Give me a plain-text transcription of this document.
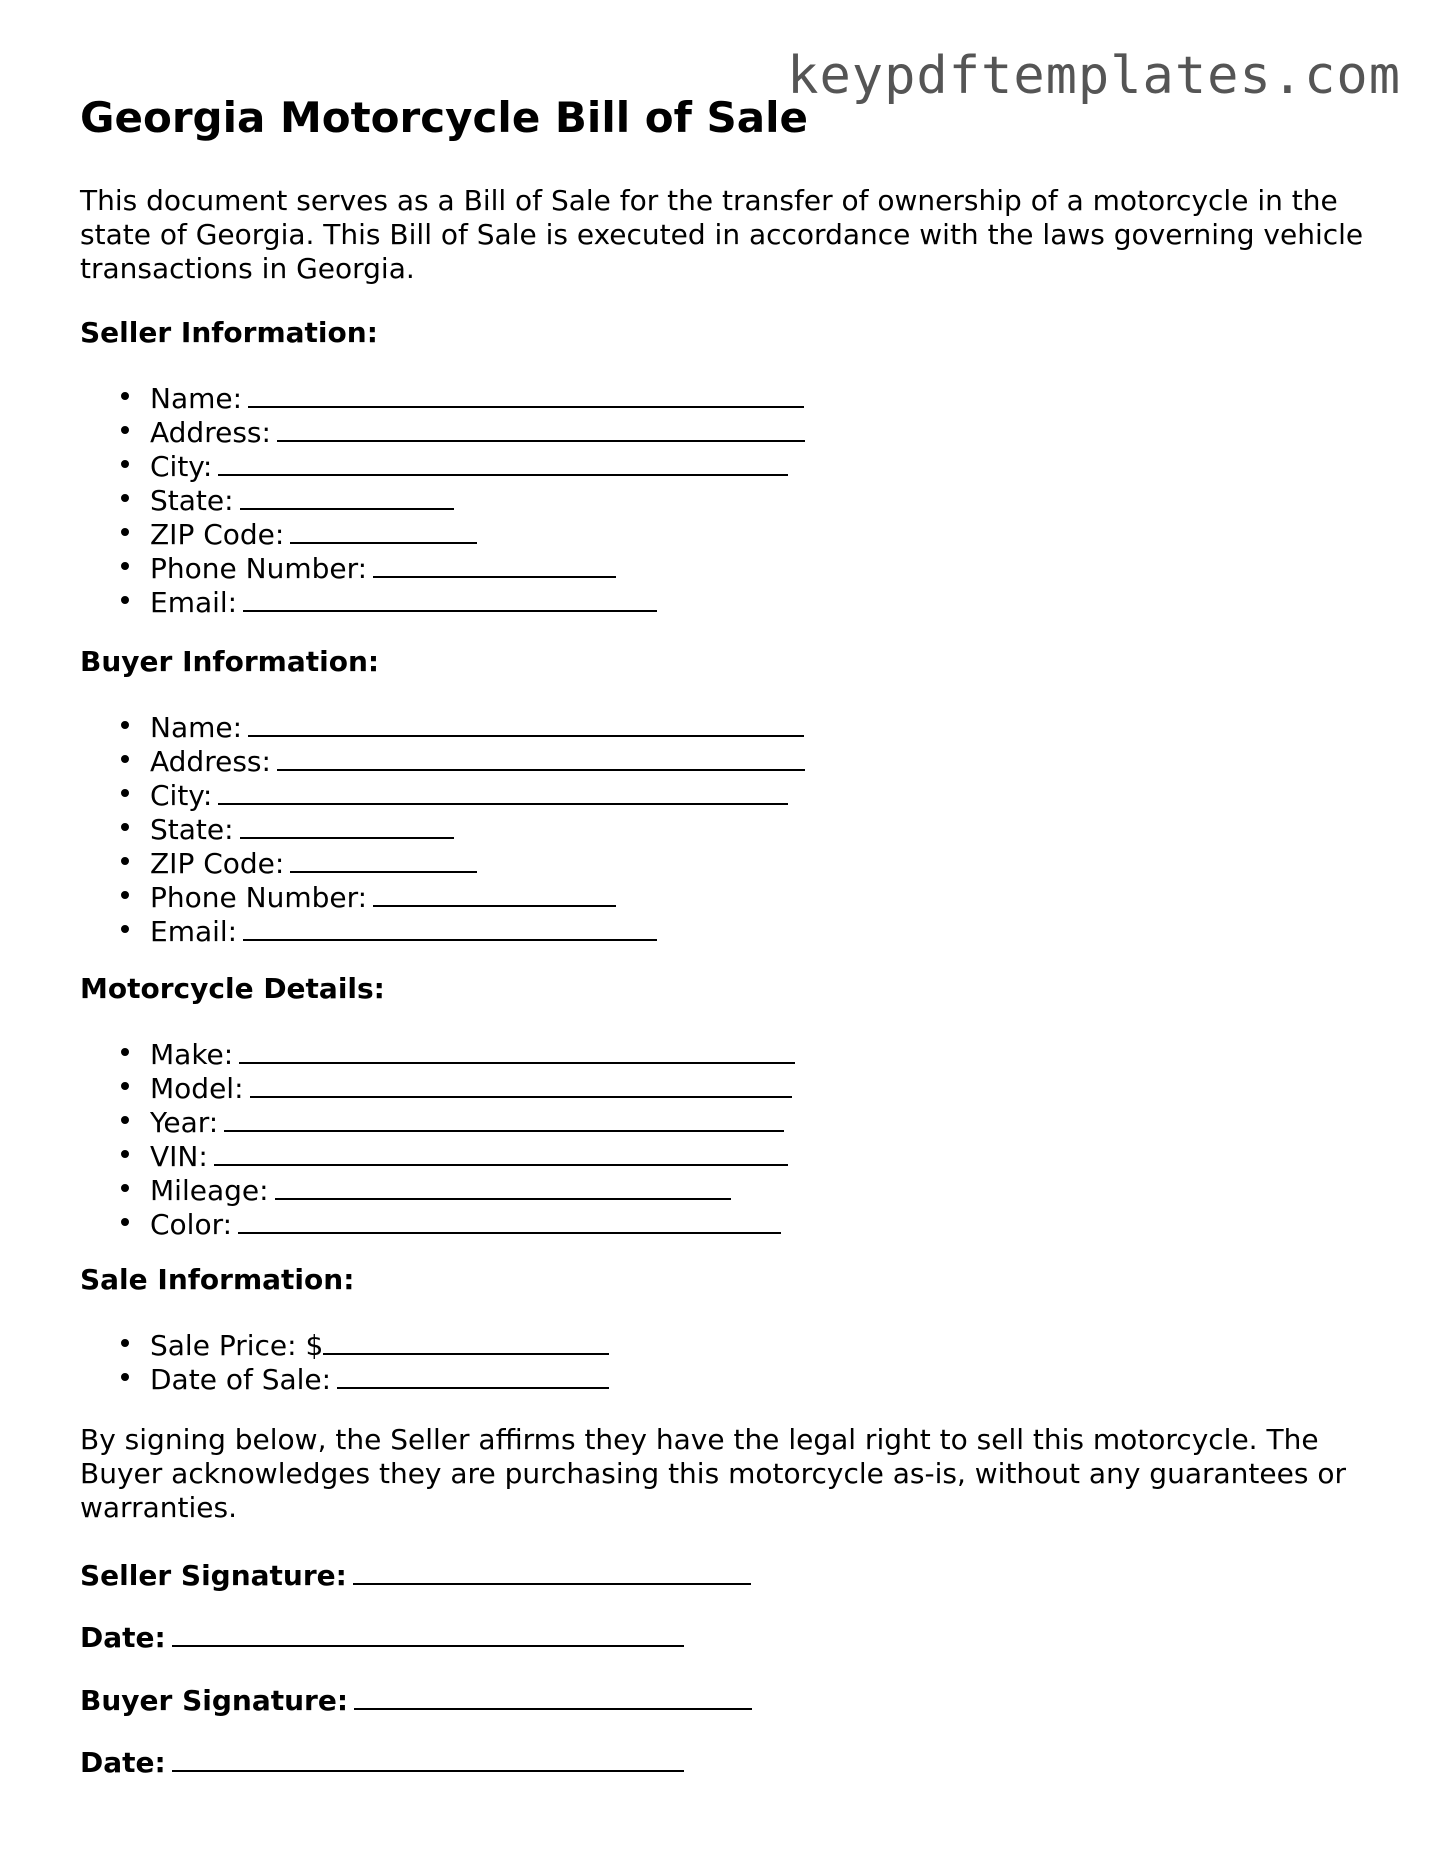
keypdftemplates.com
Georgia Motorcycle Bill of Sale

This document serves as a Bill of Sale for the transfer of ownership of a motorcycle in the state of Georgia. This Bill of Sale is executed in accordance with the laws governing vehicle transactions in Georgia.

Seller Information:
Name:
Address:
City:
State:
ZIP Code:
Phone Number:
Email:
Buyer Information:
Name:
Address:
City:
State:
ZIP Code:
Phone Number:
Email:
Motorcycle Details:
Make:
Model:
Year:
VIN:
Mileage:
Color:
Sale Information:
Sale Price: $
Date of Sale:

By signing below, the Seller affirms they have the legal right to sell this motorcycle. The Buyer acknowledges they are purchasing this motorcycle as-is, without any guarantees or warranties.

Seller Signature:

Date:

Buyer Signature:

Date:
